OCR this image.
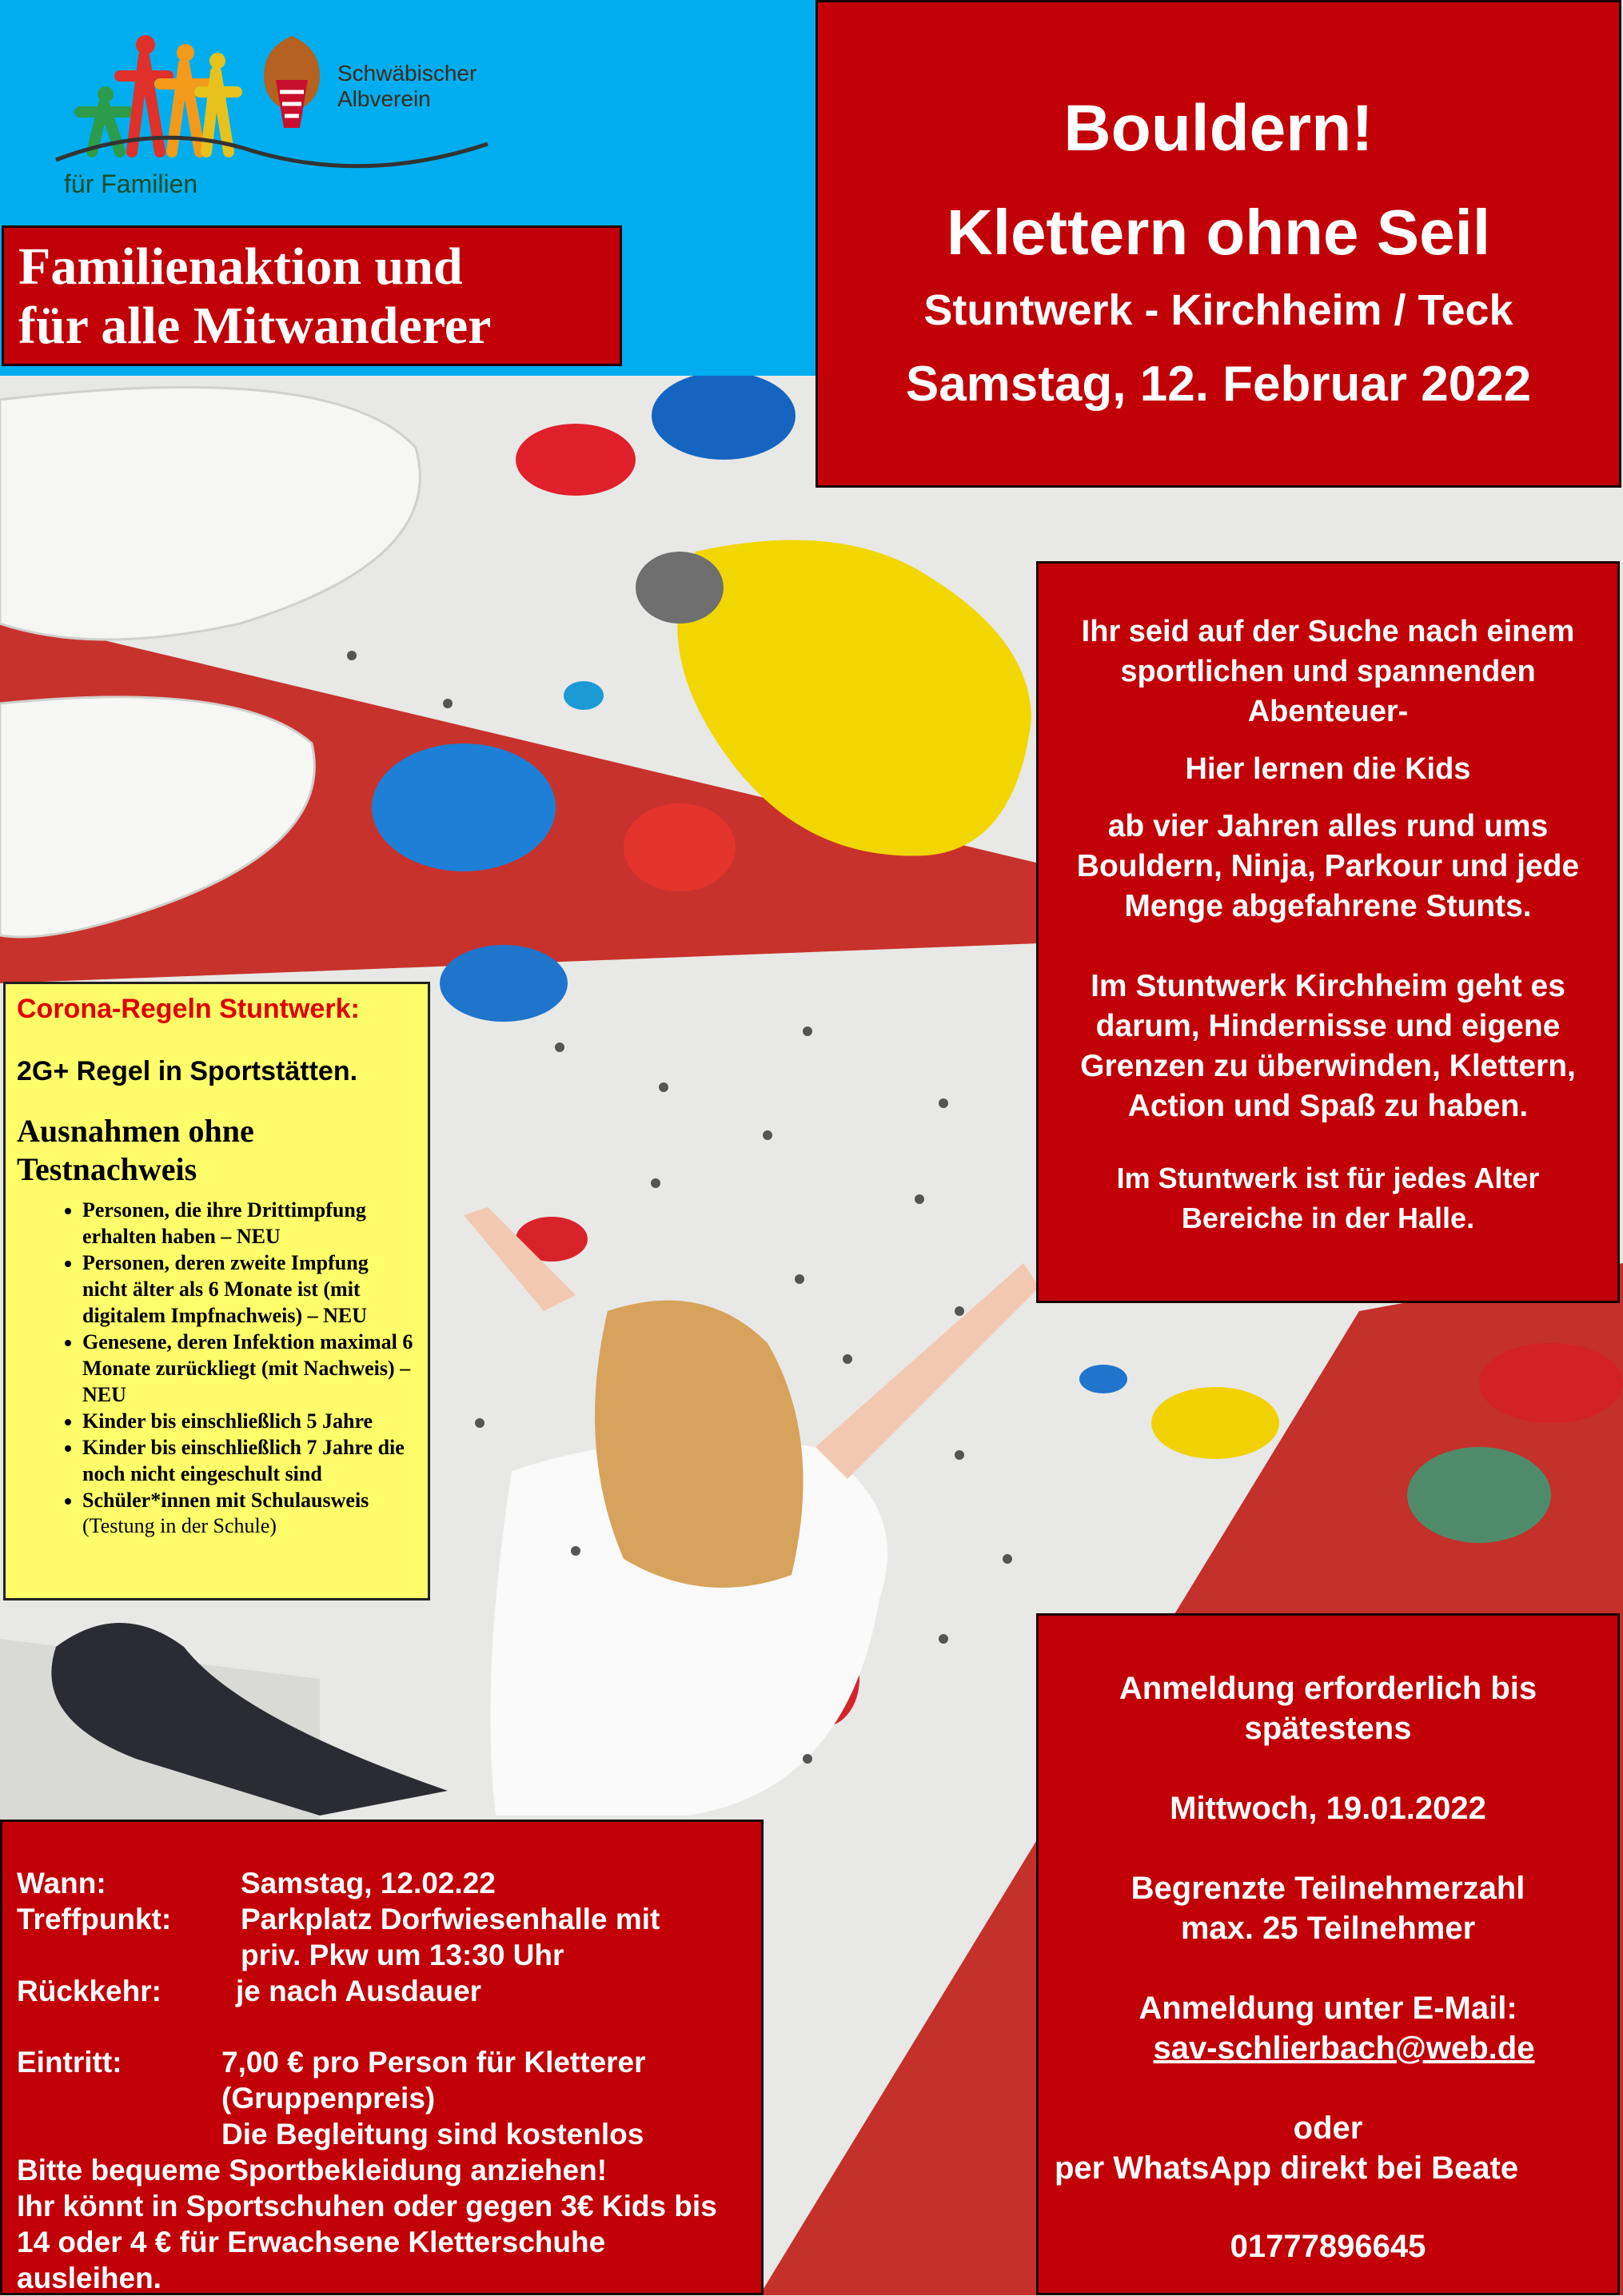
für Familien
Schwäbischer
Albverein
Familienaktion und
für alle Mitwanderer
Bouldern!
Klettern ohne Seil
Stuntwerk - Kirchheim / Teck
Samstag, 12. Februar 2022

Ihr seid auf der Suche nach einem sportlichen und spannenden Abenteuer-

Hier lernen die Kids

ab vier Jahren alles rund ums Bouldern, Ninja, Parkour und jede Menge abgefahrene Stunts.

Im Stuntwerk Kirchheim geht es darum, Hindernisse und eigene Grenzen zu überwinden, Klettern, Action und Spaß zu haben.

Im Stuntwerk ist für jedes Alter Bereiche in der Halle.

Corona-Regeln Stuntwerk:
2G+ Regel in Sportstätten.
Ausnahmen ohne Testnachweis
• Personen, die ihre Drittimpfung erhalten haben – NEU
• Personen, deren zweite Impfung nicht älter als 6 Monate ist (mit digitalem Impfnachweis) – NEU
• Genesene, deren Infektion maximal 6 Monate zurückliegt (mit Nachweis) – NEU
• Kinder bis einschließlich 5 Jahre
• Kinder bis einschließlich 7 Jahre die noch nicht eingeschult sind
• Schüler*innen mit Schulausweis
(Testung in der Schule)
Wann:	Samstag, 12.02.22
Treffpunkt:	Parkplatz Dorfwiesenhalle mit
priv. Pkw um 13:30 Uhr
Rückkehr:	je nach Ausdauer
Eintritt:	7,00 € pro Person für Kletterer
(Gruppenpreis)
Die Begleitung sind kostenlos
Bitte bequeme Sportbekleidung anziehen!
Ihr könnt in Sportschuhen oder gegen 3€ Kids bis 14 oder 4 € für Erwachsene Kletterschuhe ausleihen.

Anmeldung erforderlich bis spätestens

Mittwoch, 19.01.2022

Begrenzte Teilnehmerzahl

max. 25 Teilnehmer

Anmeldung unter E-Mail:

sav-schlierbach@web.de

oder

per WhatsApp direkt bei Beate

01777896645
